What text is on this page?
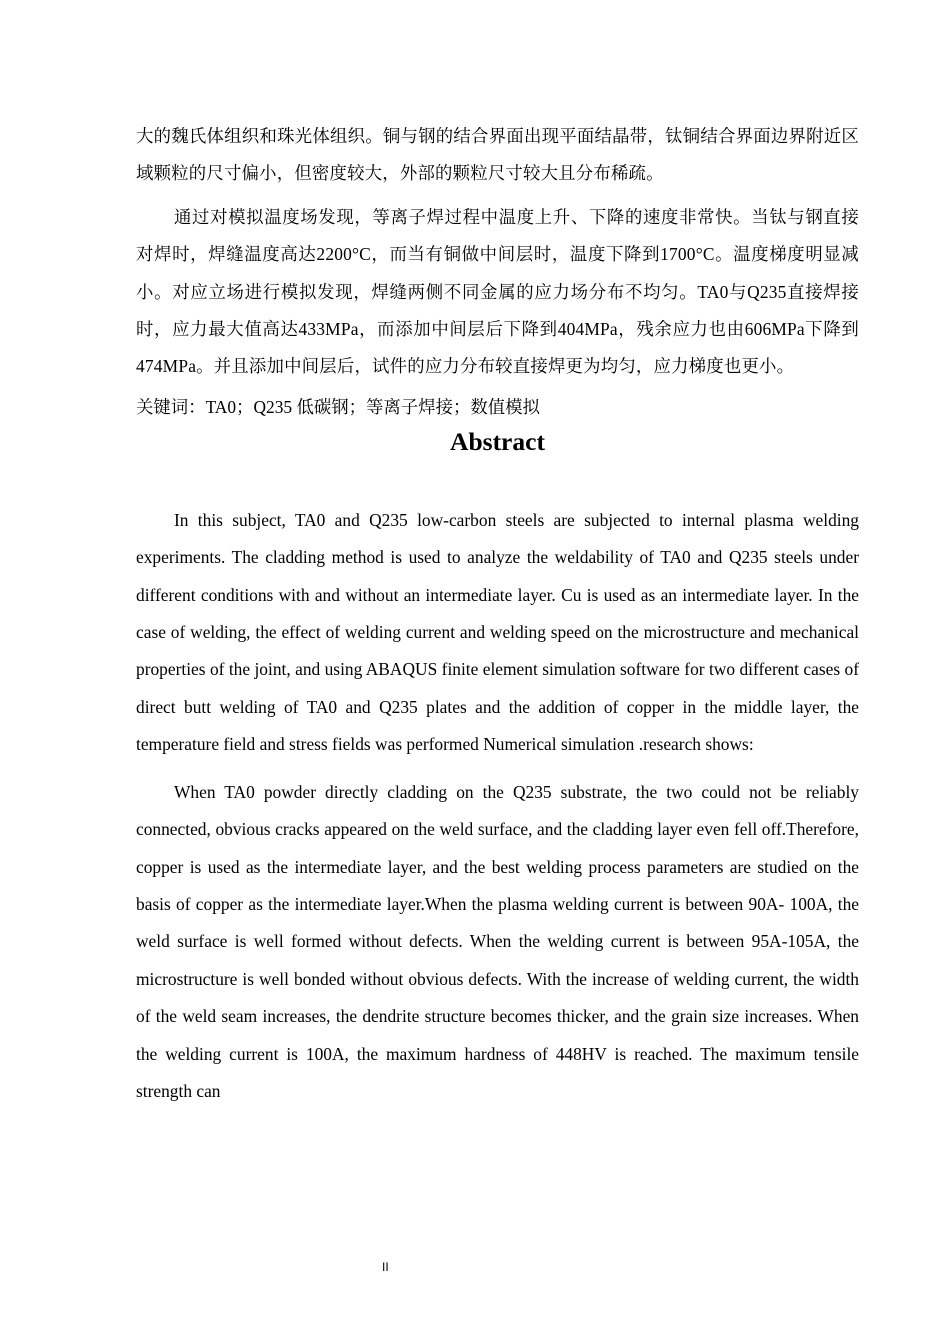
大的魏氏体组织和珠光体组织。铜与钢的结合界面出现平面结晶带，钛铜结合界面边界附近区域颗粒的尺寸偏小，但密度较大，外部的颗粒尺寸较大且分布稀疏。

通过对模拟温度场发现，等离子焊过程中温度上升、下降的速度非常快。当钛与钢直接对焊时，焊缝温度高达2200°C，而当有铜做中间层时，温度下降到1700°C。温度梯度明显减小。对应立场进行模拟发现，焊缝两侧不同金属的应力场分布不均匀。TA0与Q235直接焊接时，应力最大值高达433MPa，而添加中间层后下降到404MPa，残余应力也由606MPa下降到474MPa。并且添加中间层后，试件的应力分布较直接焊更为均匀，应力梯度也更小。

关键词：TA0；Q235 低碳钢；等离子焊接；数值模拟

Abstract

In this subject, TA0 and Q235 low-carbon steels are subjected to internal plasma welding experiments. The cladding method is used to analyze the weldability of TA0 and Q235 steels under different conditions with and without an intermediate layer. Cu is used as an intermediate layer. In the case of welding, the effect of welding current and welding speed on the microstructure and mechanical properties of the joint, and using ABAQUS finite element simulation software for two different cases of direct butt welding of TA0 and Q235 plates and the addition of copper in the middle layer, the temperature field and stress fields was performed Numerical simulation .research shows:

When TA0 powder directly cladding on the Q235 substrate, the two could not be reliably connected, obvious cracks appeared on the weld surface, and the cladding layer even fell off.Therefore, copper is used as the intermediate layer, and the best welding process parameters are studied on the basis of copper as the intermediate layer.When the plasma welding current is between 90A- 100A, the weld surface is well formed without defects. When the welding current is between 95A-105A, the microstructure is well bonded without obvious defects. With the increase of welding current, the width of the weld seam increases, the dendrite structure becomes thicker, and the grain size increases. When the welding current is 100A, the maximum hardness of 448HV is reached. The maximum tensile strength can

II
